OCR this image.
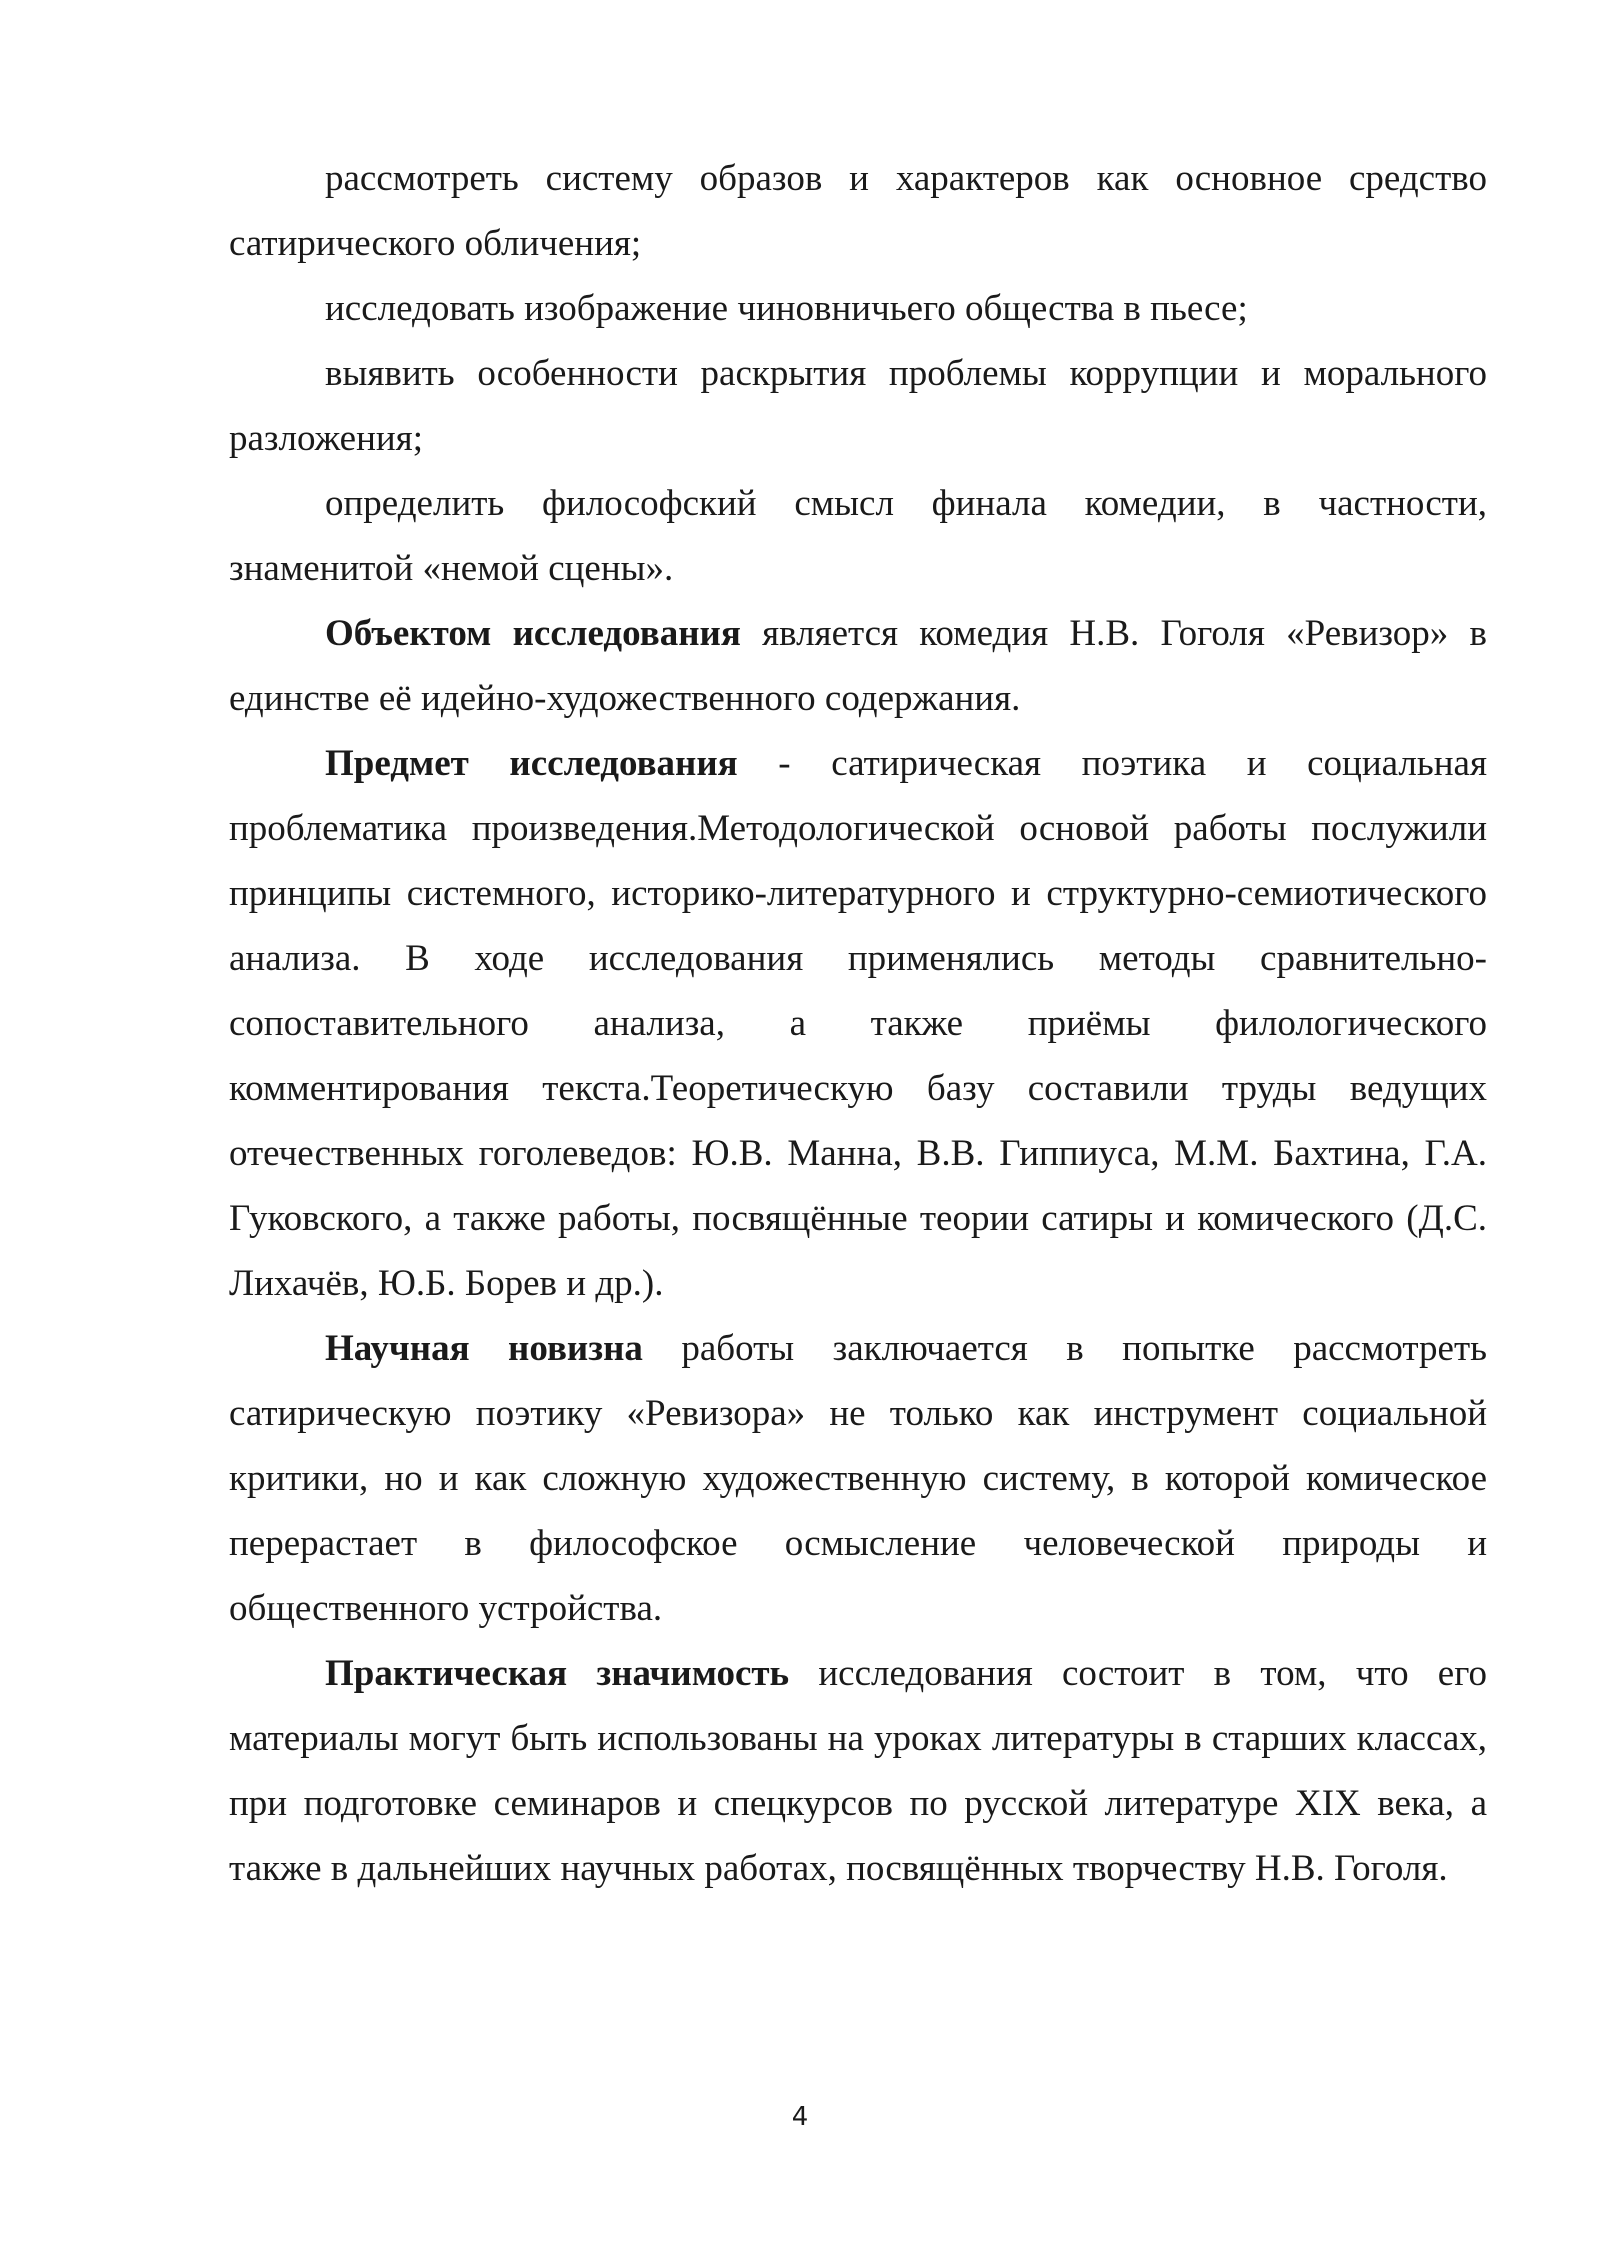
рассмотреть систему образов и характеров как основное средство сатирического обличения;

исследовать изображение чиновничьего общества в пьесе;

выявить особенности раскрытия проблемы коррупции и морального разложения;

определить философский смысл финала комедии, в частности, знаменитой «немой сцены».

Объектом исследования является комедия Н.В. Гоголя «Ревизор» в единстве её идейно-художественного содержания.

Предмет исследования - сатирическая поэтика и социальная проблематика произведения.Методологической основой работы послужили принципы системного, историко-литературного и структурно-семиотического анализа. В ходе исследования применялись методы сравнительно-сопоставительного анализа, а также приёмы филологического комментирования текста.Теоретическую базу составили труды ведущих отечественных гоголеведов: Ю.В. Манна, В.В. Гиппиуса, М.М. Бахтина, Г.А. Гуковского, а также работы, посвящённые теории сатиры и комического (Д.С. Лихачёв, Ю.Б. Борев и др.).

Научная новизна работы заключается в попытке рассмотреть сатирическую поэтику «Ревизора» не только как инструмент социальной критики, но и как сложную художественную систему, в которой комическое перерастает в философское осмысление человеческой природы и общественного устройства.

Практическая значимость исследования состоит в том, что его материалы могут быть использованы на уроках литературы в старших классах, при подготовке семинаров и спецкурсов по русской литературе XIX века, а также в дальнейших научных работах, посвящённых творчеству Н.В. Гоголя.

4
